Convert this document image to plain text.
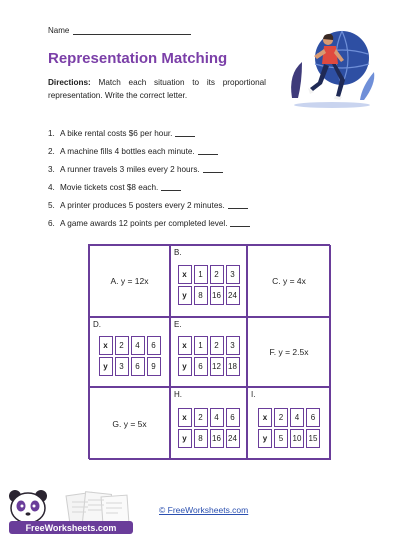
Name
Representation Matching
Directions: Match each situation to its proportional representation. Write the correct letter.
1. A bike rental costs $6 per hour.
2. A machine fills 4 bottles each minute.
3. A runner travels 3 miles every 2 hours.
4. Movie tickets cost $8 each.
5. A printer produces 5 posters every 2 minutes.
6. A game awards 12 points per completed level.
A. y = 12x
B.
x	1	2	3
y	8	16	24
C. y = 4x
D.
x	2	4	6
y	3	6	9
E.
x	1	2	3
y	6	12	18
F. y = 2.5x
G. y = 5x
H.
x	2	4	6
y	8	16	24
I.
x	2	4	6
y	5	10	15
FreeWorksheets.com
© FreeWorksheets.com
